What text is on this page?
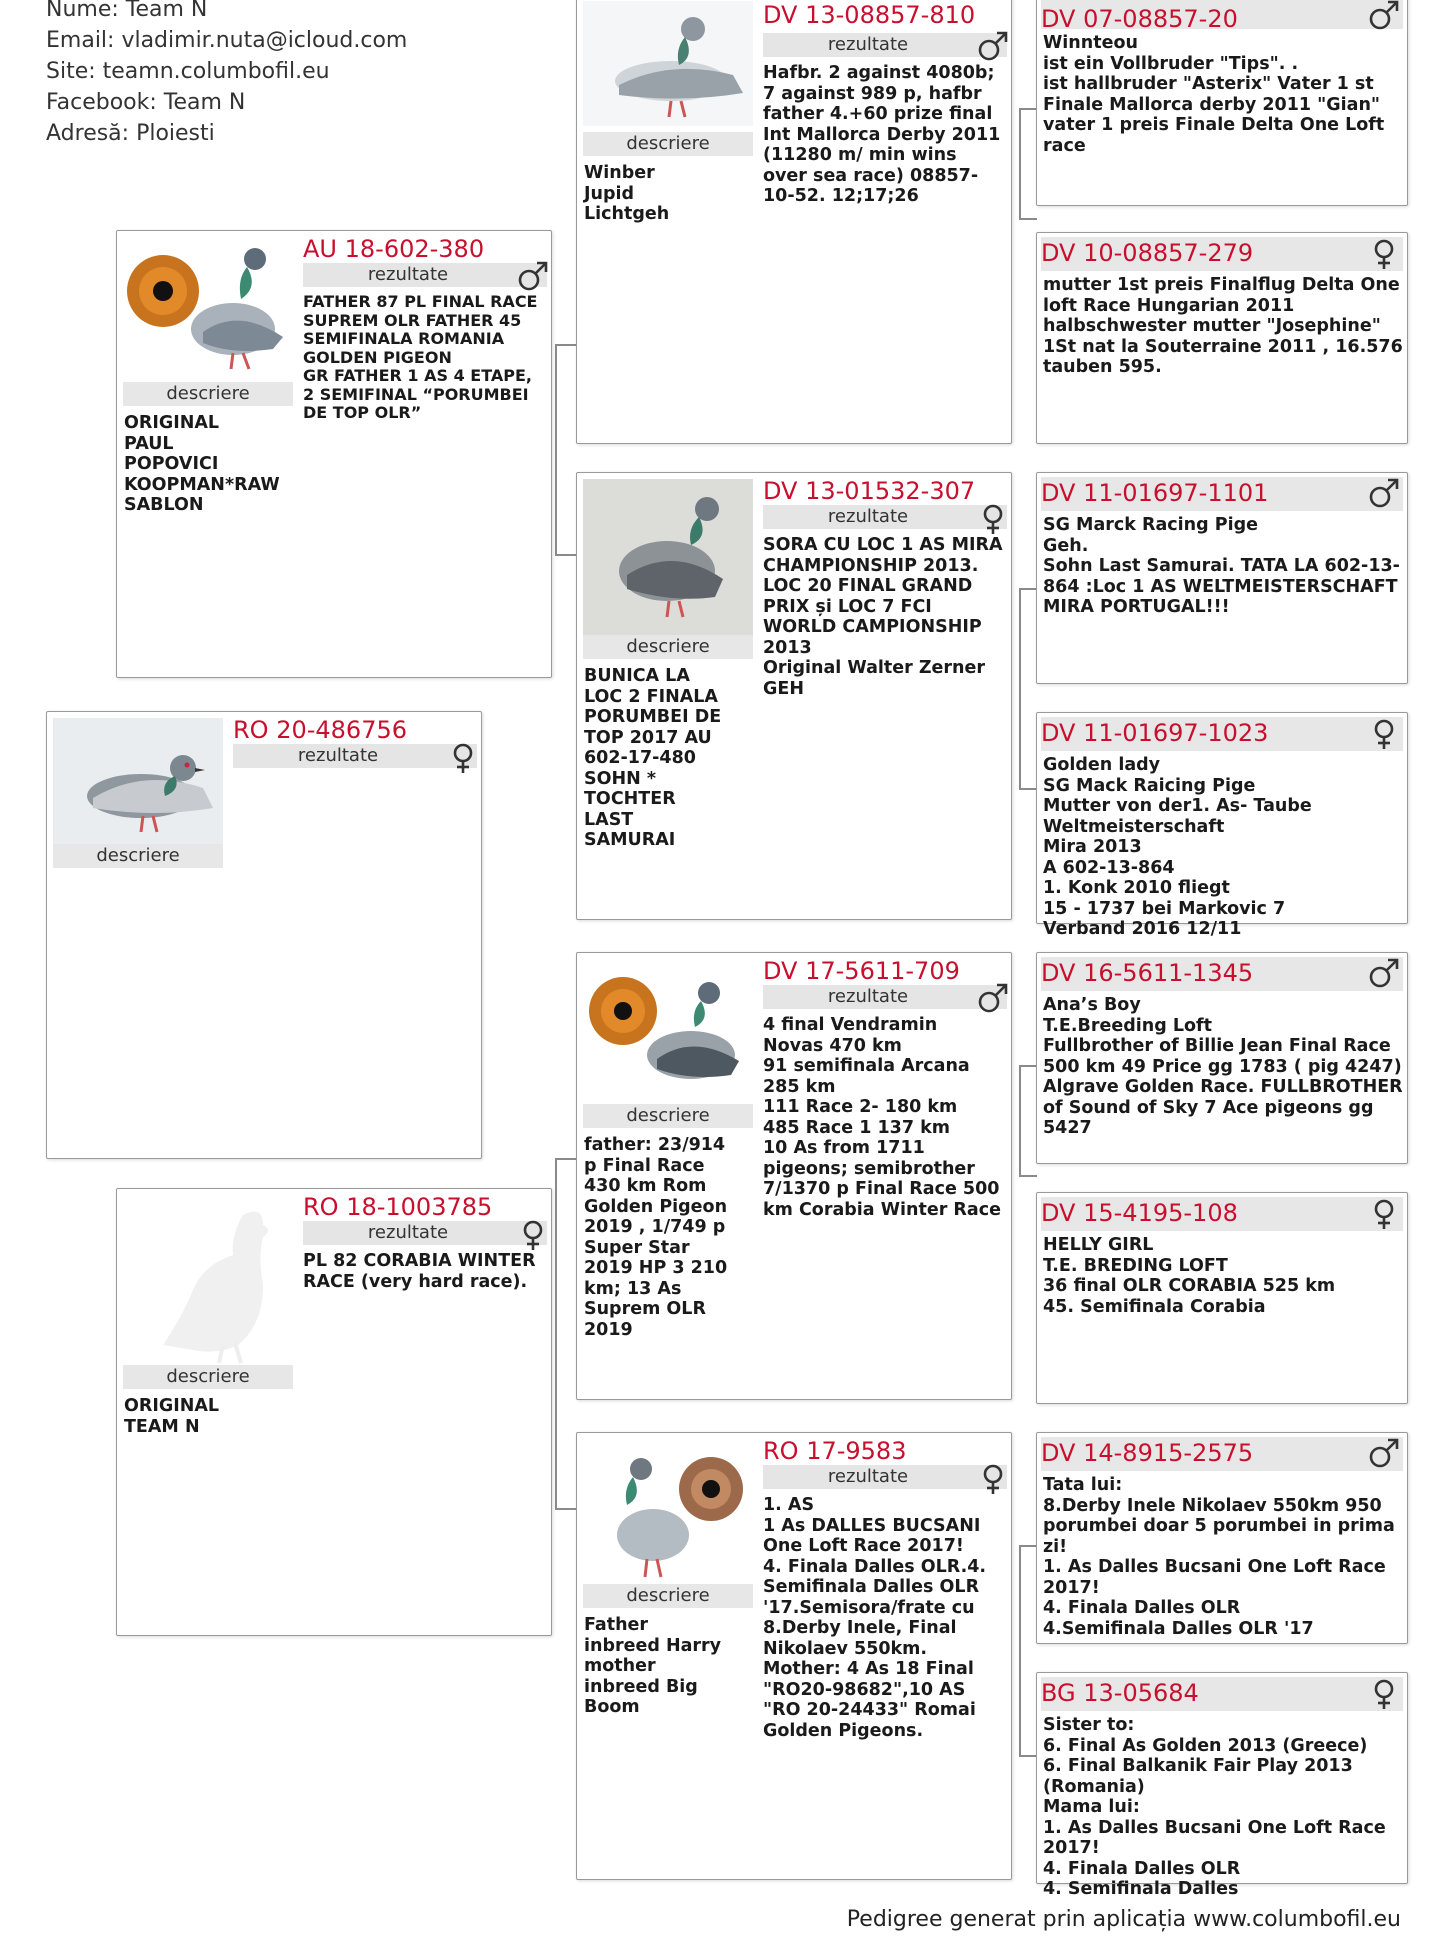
Nume: Team N
Email: vladimir.nuta@icloud.com
Site: teamn.columbofil.eu
Facebook: Team N
Adresă: Ploiesti
descriere
RO 20-486756
rezultate
descriere
ORIGINAL
PAUL
POPOVICI
KOOPMAN*RAW
SABLON
AU 18-602-380
rezultate
FATHER 87 PL FINAL RACE SUPREM OLR FATHER 45 SEMIFINALA ROMANIA GOLDEN PIGEON
GR FATHER 1 AS 4 ETAPE, 2 SEMIFINAL “PORUMBEI DE TOP OLR”
descriere
ORIGINAL
TEAM N
RO 18-1003785
rezultate
PL 82 CORABIA WINTER RACE (very hard race).
descriere
Winber
Jupid
Lichtgeh
DV 13-08857-810
rezultate
Hafbr. 2 against 4080b; 7 against 989 p, hafbr father 4.+60 prize final Int Mallorca Derby 2011 (11280 m/ min wins over sea race) 08857-10-52. 12;17;26
descriere
BUNICA LA
LOC 2 FINALA
PORUMBEI DE
TOP 2017 AU
602-17-480
SOHN *
TOCHTER
LAST
SAMURAI
DV 13-01532-307
rezultate
SORA CU LOC 1 AS MIRA CHAMPIONSHIP 2013.
LOC 20 FINAL GRAND PRIX și LOC 7 FCI WORLD CAMPIONSHIP 2013
Original Walter Zerner GEH
descriere
father: 23/914
p Final Race
430 km Rom
Golden Pigeon
2019 , 1/749 p
Super Star
2019 HP 3 210
km; 13 As
Suprem OLR
2019
DV 17-5611-709
rezultate
4 final Vendramin Novas 470 km
91 semifinala Arcana 285 km
111 Race 2- 180 km
485 Race 1 137 km
10 As from 1711 pigeons; semibrother 7/1370 p Final Race 500 km Corabia Winter Race
descriere
Father
inbreed Harry
mother
inbreed Big
Boom
RO 17-9583
rezultate
1. AS
1 As DALLES BUCSANI One Loft Race 2017!
4. Finala Dalles OLR.4. Semifinala Dalles OLR '17.Semisora/frate cu 8.Derby Inele, Final Nikolaev 550km.
Mother: 4 As 18 Final "RO20-98682",10 AS "RO 20-24433" Romai Golden Pigeons.
DV 07-08857-20
Winnteou
ist ein Vollbruder "Tips". .
ist hallbruder "Asterix" Vater 1 st Finale Mallorca derby 2011 "Gian" vater 1 preis Finale Delta One Loft race
DV 10-08857-279
mutter 1st preis Finalflug Delta One loft Race Hungarian 2011 halbschwester mutter "Josephine" 1St nat la Souterraine 2011 , 16.576 tauben 595.
DV 11-01697-1101
SG Marck Racing Pige
Geh.
Sohn Last Samurai. TATA LA 602-13-864 :Loc 1 AS WELTMEISTERSCHAFT MIRA PORTUGAL!!!
DV 11-01697-1023
Golden lady
SG Mack Raicing Pige
Mutter von der1. As- Taube Weltmeisterschaft
Mira 2013
A 602-13-864
1. Konk 2010 fliegt
15 - 1737 bei Markovic 7
Verband 2016 12/11
DV 16-5611-1345
Ana’s Boy
T.E.Breeding Loft
Fullbrother of Billie Jean Final Race 500 km 49 Price gg 1783 ( pig 4247) Algrave Golden Race. FULLBROTHER of Sound of Sky 7 Ace pigeons gg 5427
DV 15-4195-108
HELLY GIRL
T.E. BREDING LOFT
36 final OLR CORABIA 525 km
45. Semifinala Corabia
DV 14-8915-2575
Tata lui:
8.Derby Inele Nikolaev 550km 950 porumbei doar 5 porumbei in prima zi!
1. As Dalles Bucsani One Loft Race 2017!
4. Finala Dalles OLR
4.Semifinala Dalles OLR '17
BG 13-05684
Sister to:
6. Final As Golden 2013 (Greece)
6. Final Balkanik Fair Play 2013 (Romania)
Mama lui:
1. As Dalles Bucsani One Loft Race 2017!
4. Finala Dalles OLR
4. Semifinala Dalles
Pedigree generat prin aplicația www.columbofil.eu
